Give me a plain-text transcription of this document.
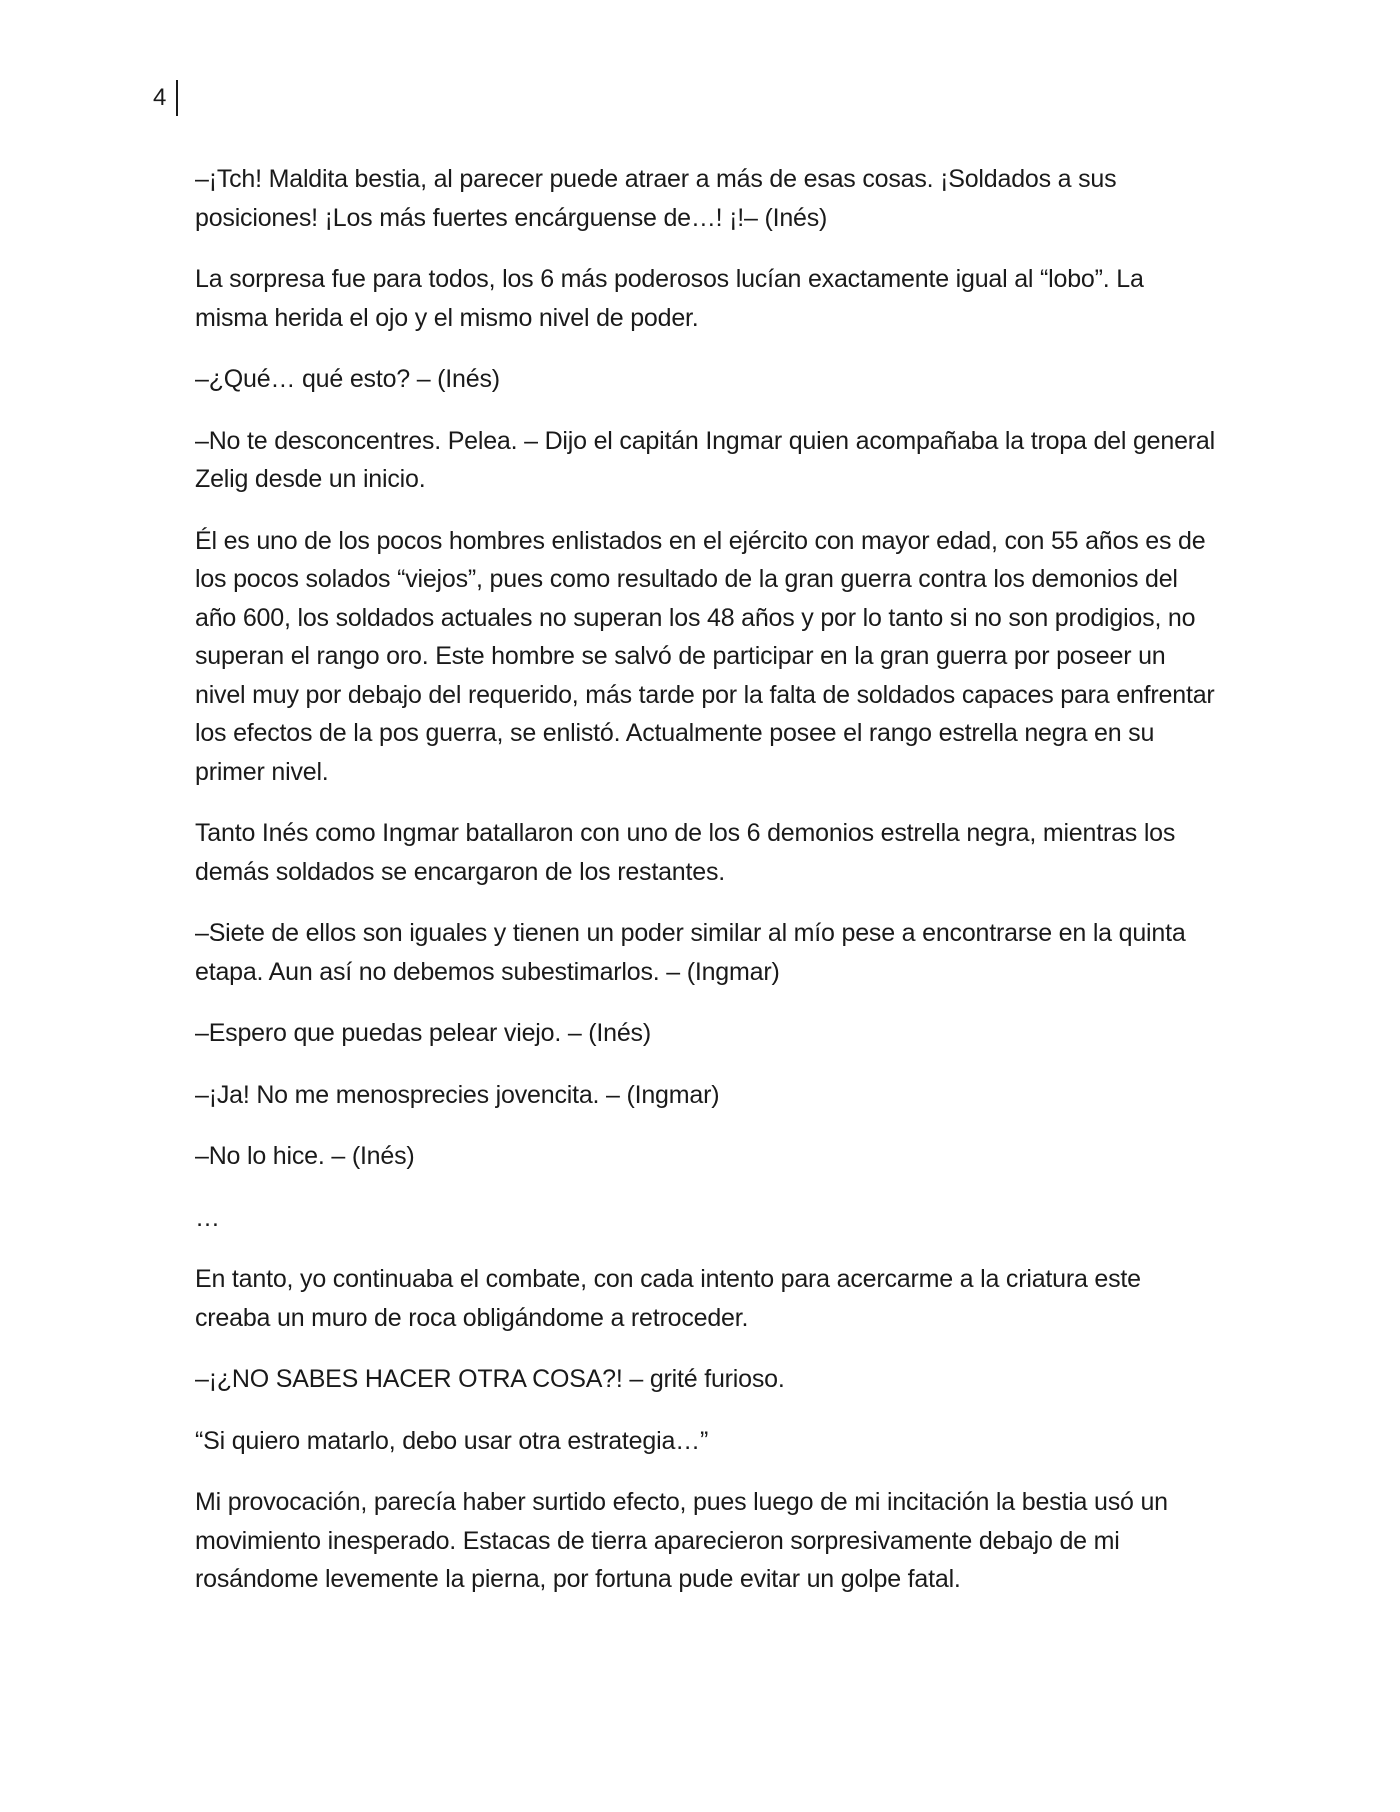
4

–¡Tch! Maldita bestia, al parecer puede atraer a más de esas cosas. ¡Soldados a sus posiciones! ¡Los más fuertes encárguense de…! ¡!– (Inés)

La sorpresa fue para todos, los 6 más poderosos lucían exactamente igual al “lobo”. La misma herida el ojo y el mismo nivel de poder.

–¿Qué… qué esto? – (Inés)

–No te desconcentres. Pelea. – Dijo el capitán Ingmar quien acompañaba la tropa del general Zelig desde un inicio.

Él es uno de los pocos hombres enlistados en el ejército con mayor edad, con 55 años es de los pocos solados “viejos”, pues como resultado de la gran guerra contra los demonios del año 600, los soldados actuales no superan los 48 años y por lo tanto si no son prodigios, no superan el rango oro. Este hombre se salvó de participar en la gran guerra por poseer un nivel muy por debajo del requerido, más tarde por la falta de soldados capaces para enfrentar los efectos de la pos guerra, se enlistó. Actualmente posee el rango estrella negra en su primer nivel.

Tanto Inés como Ingmar batallaron con uno de los 6 demonios estrella negra, mientras los demás soldados se encargaron de los restantes.

–Siete de ellos son iguales y tienen un poder similar al mío pese a encontrarse en la quinta etapa. Aun así no debemos subestimarlos. – (Ingmar)

–Espero que puedas pelear viejo. – (Inés)

–¡Ja! No me menosprecies jovencita. – (Ingmar)

–No lo hice. – (Inés)

…

En tanto, yo continuaba el combate, con cada intento para acercarme a la criatura este creaba un muro de roca obligándome a retroceder.

–¡¿NO SABES HACER OTRA COSA?! – grité furioso.

“Si quiero matarlo, debo usar otra estrategia…”

Mi provocación, parecía haber surtido efecto, pues luego de mi incitación la bestia usó un movimiento inesperado. Estacas de tierra aparecieron sorpresivamente debajo de mi rosándome levemente la pierna, por fortuna pude evitar un golpe fatal.
